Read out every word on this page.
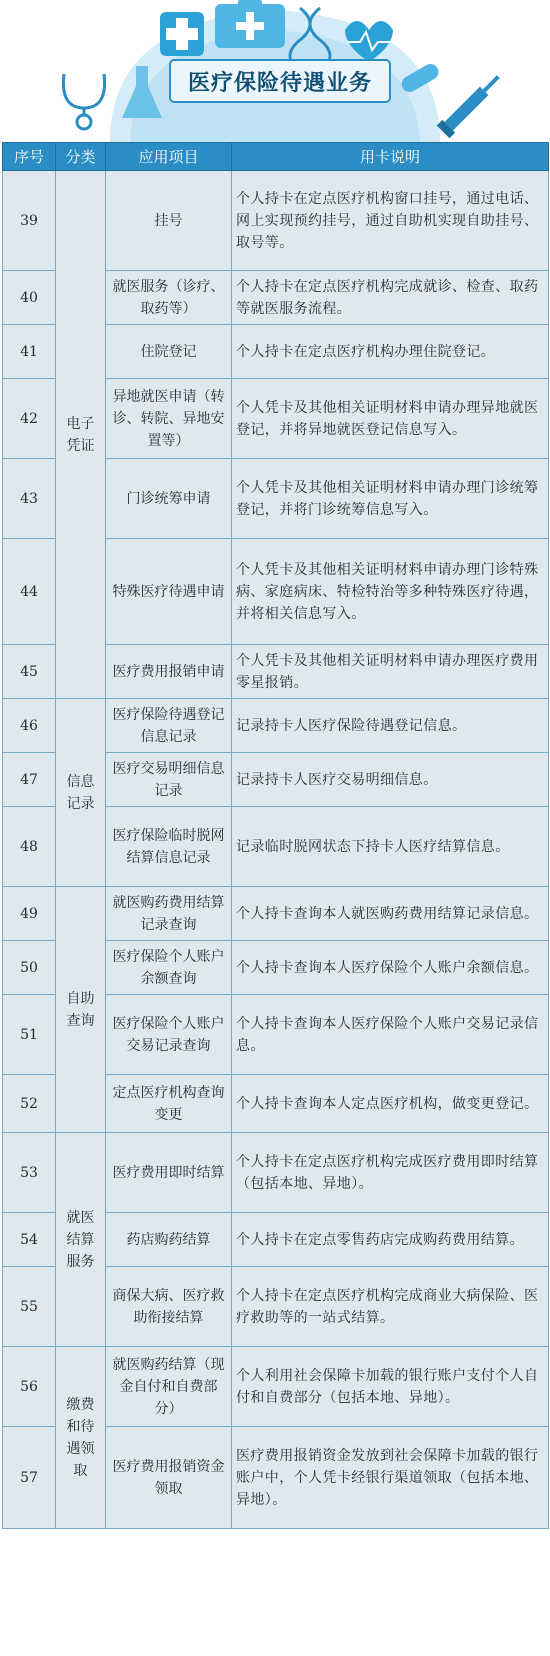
医疗保险待遇业务
序号	分类	应用项目	用卡说明
39	电子凭证	挂号	个人持卡在定点医疗机构窗口挂号，通过电话、网上实现预约挂号，通过自助机实现自助挂号、取号等。
40		就医服务（诊疗、取药等）	个人持卡在定点医疗机构完成就诊、检查、取药等就医服务流程。
41		住院登记	个人持卡在定点医疗机构办理住院登记。
42		异地就医申请（转诊、转院、异地安置等）	个人凭卡及其他相关证明材料申请办理异地就医登记，并将异地就医登记信息写入。
43		门诊统筹申请	个人凭卡及其他相关证明材料申请办理门诊统筹登记，并将门诊统筹信息写入。
44		特殊医疗待遇申请	个人凭卡及其他相关证明材料申请办理门诊特殊病、家庭病床、特检特治等多种特殊医疗待遇，并将相关信息写入。
45		医疗费用报销申请	个人凭卡及其他相关证明材料申请办理医疗费用零星报销。
46	信息记录	医疗保险待遇登记信息记录	记录持卡人医疗保险待遇登记信息。
47		医疗交易明细信息记录	记录持卡人医疗交易明细信息。
48		医疗保险临时脱网结算信息记录	记录临时脱网状态下持卡人医疗结算信息。
49	自助查询	就医购药费用结算记录查询	个人持卡查询本人就医购药费用结算记录信息。
50		医疗保险个人账户余额查询	个人持卡查询本人医疗保险个人账户余额信息。
51		医疗保险个人账户交易记录查询	个人持卡查询本人医疗保险个人账户交易记录信息。
52		定点医疗机构查询变更	个人持卡查询本人定点医疗机构，做变更登记。
53	就医结算服务	医疗费用即时结算	个人持卡在定点医疗机构完成医疗费用即时结算（包括本地、异地）。
54		药店购药结算	个人持卡在定点零售药店完成购药费用结算。
55		商保大病、医疗救助衔接结算	个人持卡在定点医疗机构完成商业大病保险、医疗救助等的一站式结算。
56	缴费和待遇领取	就医购药结算（现金自付和自费部分）	个人利用社会保障卡加载的银行账户支付个人自付和自费部分（包括本地、异地）。
57		医疗费用报销资金领取	医疗费用报销资金发放到社会保障卡加载的银行账户中，个人凭卡经银行渠道领取（包括本地、异地）。
工人日报
